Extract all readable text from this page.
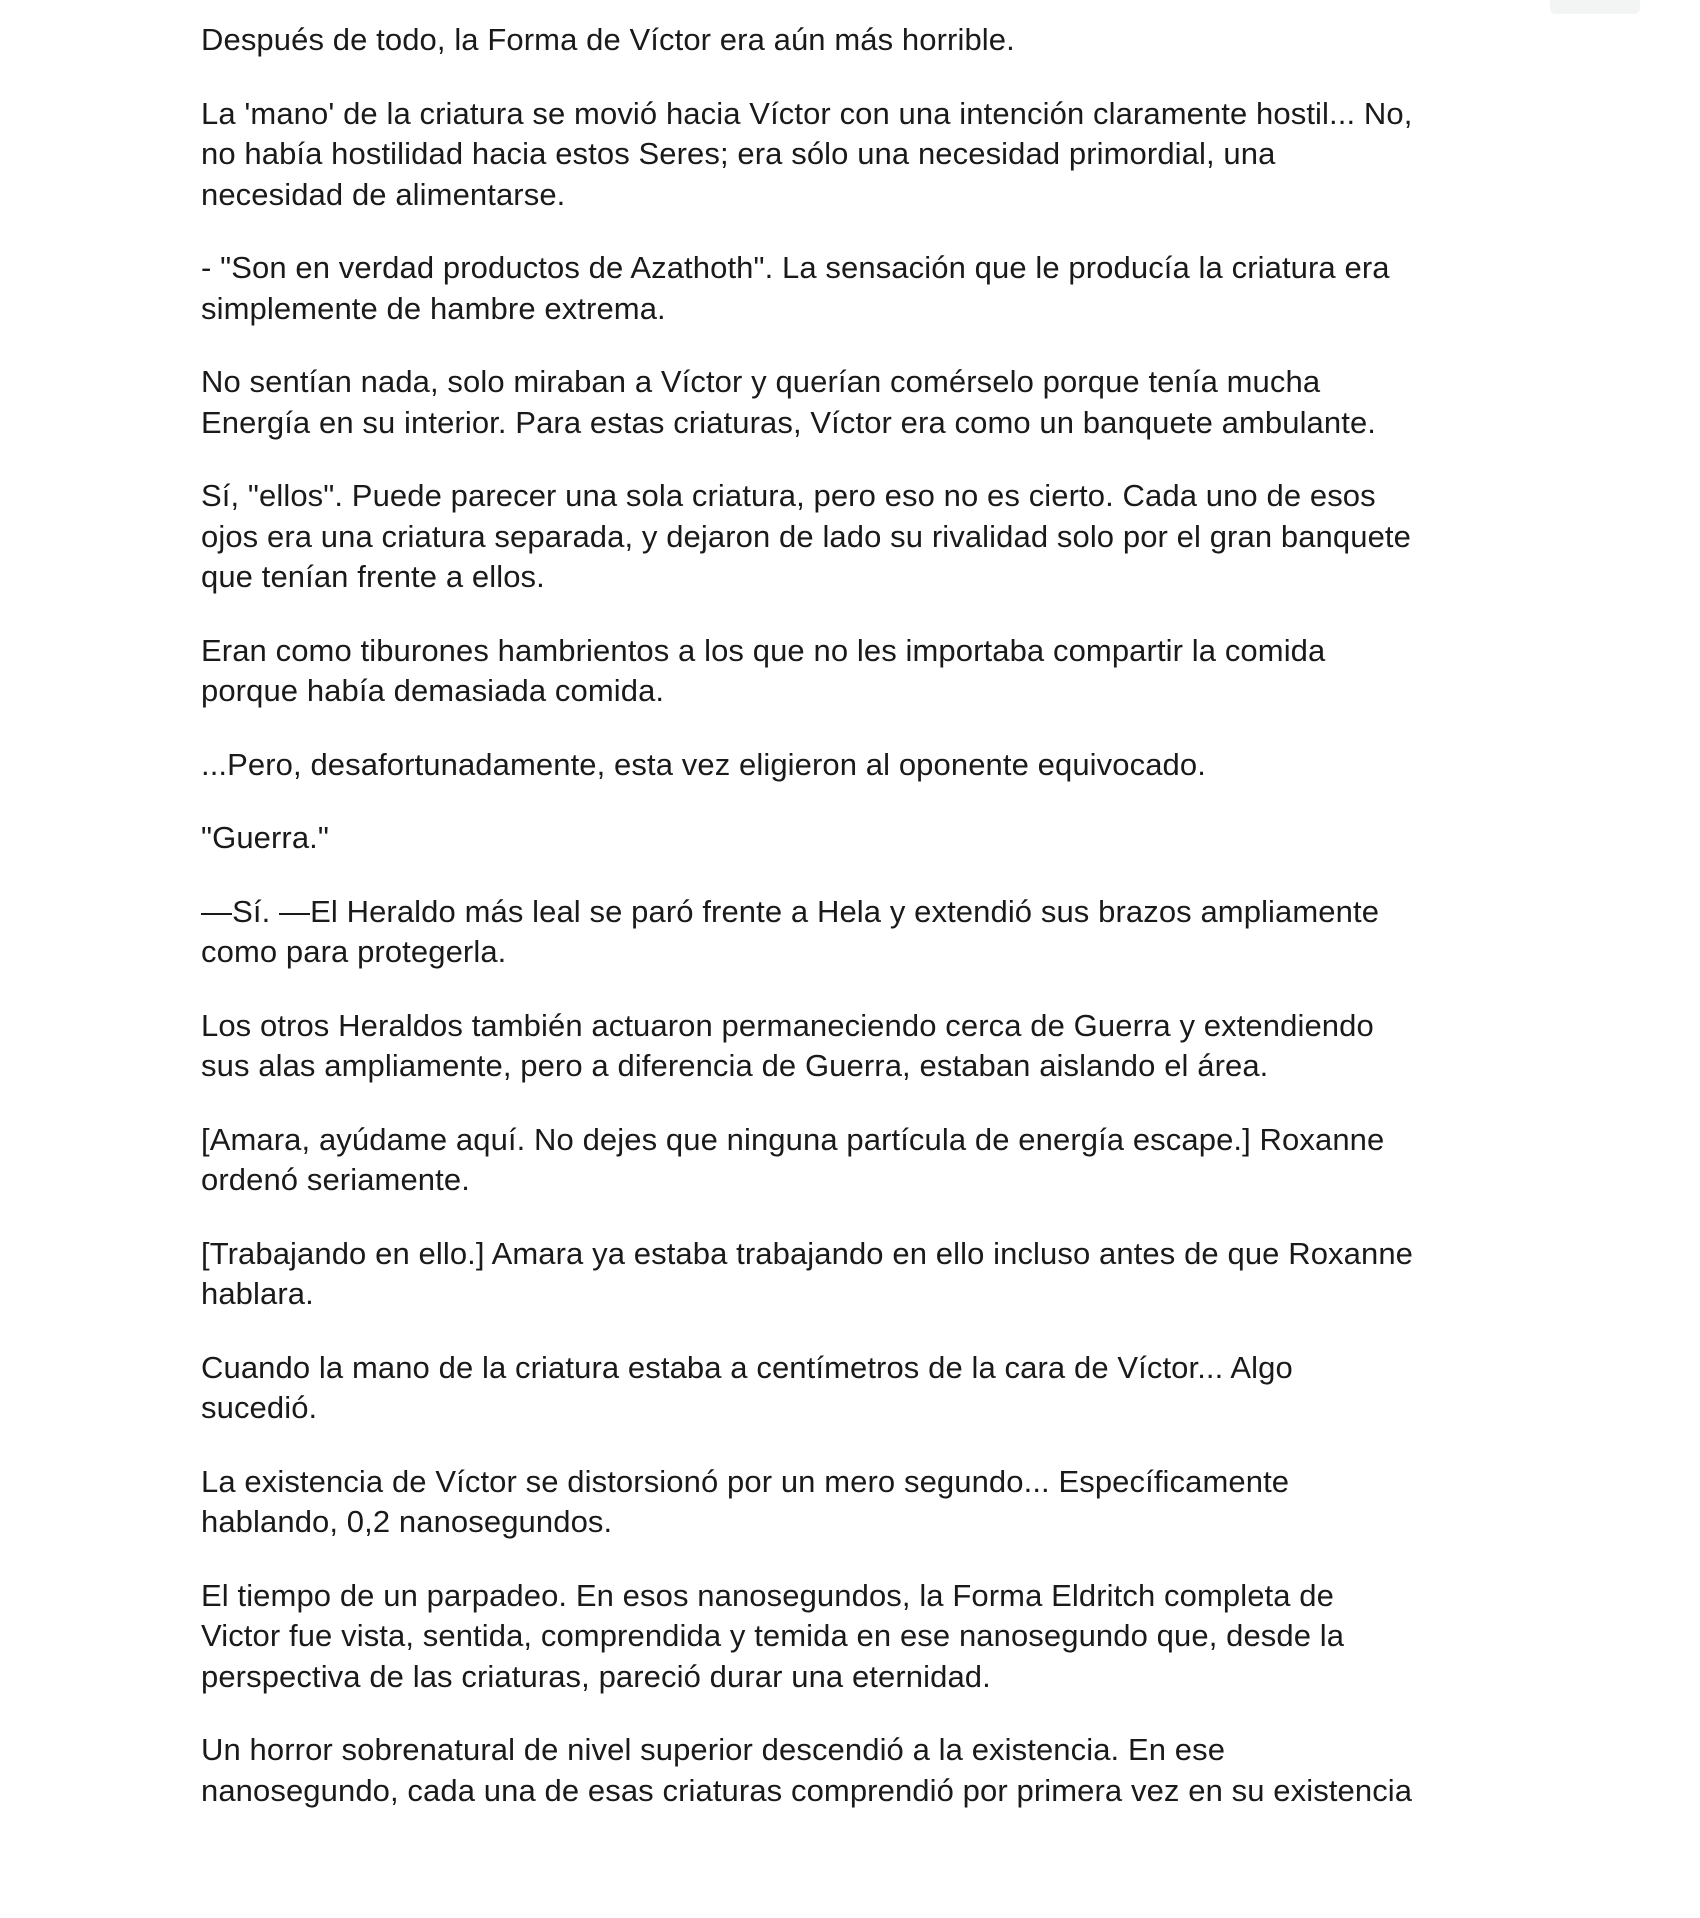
Después de todo, la Forma de Víctor era aún más horrible.

La 'mano' de la criatura se movió hacia Víctor con una intención claramente hostil... No,
no había hostilidad hacia estos Seres; era sólo una necesidad primordial, una
necesidad de alimentarse.

- "Son en verdad productos de Azathoth". La sensación que le producía la criatura era
simplemente de hambre extrema.

No sentían nada, solo miraban a Víctor y querían comérselo porque tenía mucha
Energía en su interior. Para estas criaturas, Víctor era como un banquete ambulante.

Sí, "ellos". Puede parecer una sola criatura, pero eso no es cierto. Cada uno de esos
ojos era una criatura separada, y dejaron de lado su rivalidad solo por el gran banquete
que tenían frente a ellos.

Eran como tiburones hambrientos a los que no les importaba compartir la comida
porque había demasiada comida.

...Pero, desafortunadamente, esta vez eligieron al oponente equivocado.

"Guerra."

—Sí. —El Heraldo más leal se paró frente a Hela y extendió sus brazos ampliamente
como para protegerla.

Los otros Heraldos también actuaron permaneciendo cerca de Guerra y extendiendo
sus alas ampliamente, pero a diferencia de Guerra, estaban aislando el área.

[Amara, ayúdame aquí. No dejes que ninguna partícula de energía escape.] Roxanne
ordenó seriamente.

[Trabajando en ello.] Amara ya estaba trabajando en ello incluso antes de que Roxanne
hablara.

Cuando la mano de la criatura estaba a centímetros de la cara de Víctor... Algo
sucedió.

La existencia de Víctor se distorsionó por un mero segundo... Específicamente
hablando, 0,2 nanosegundos.

El tiempo de un parpadeo. En esos nanosegundos, la Forma Eldritch completa de
Victor fue vista, sentida, comprendida y temida en ese nanosegundo que, desde la
perspectiva de las criaturas, pareció durar una eternidad.

Un horror sobrenatural de nivel superior descendió a la existencia. En ese
nanosegundo, cada una de esas criaturas comprendió por primera vez en su existencia
